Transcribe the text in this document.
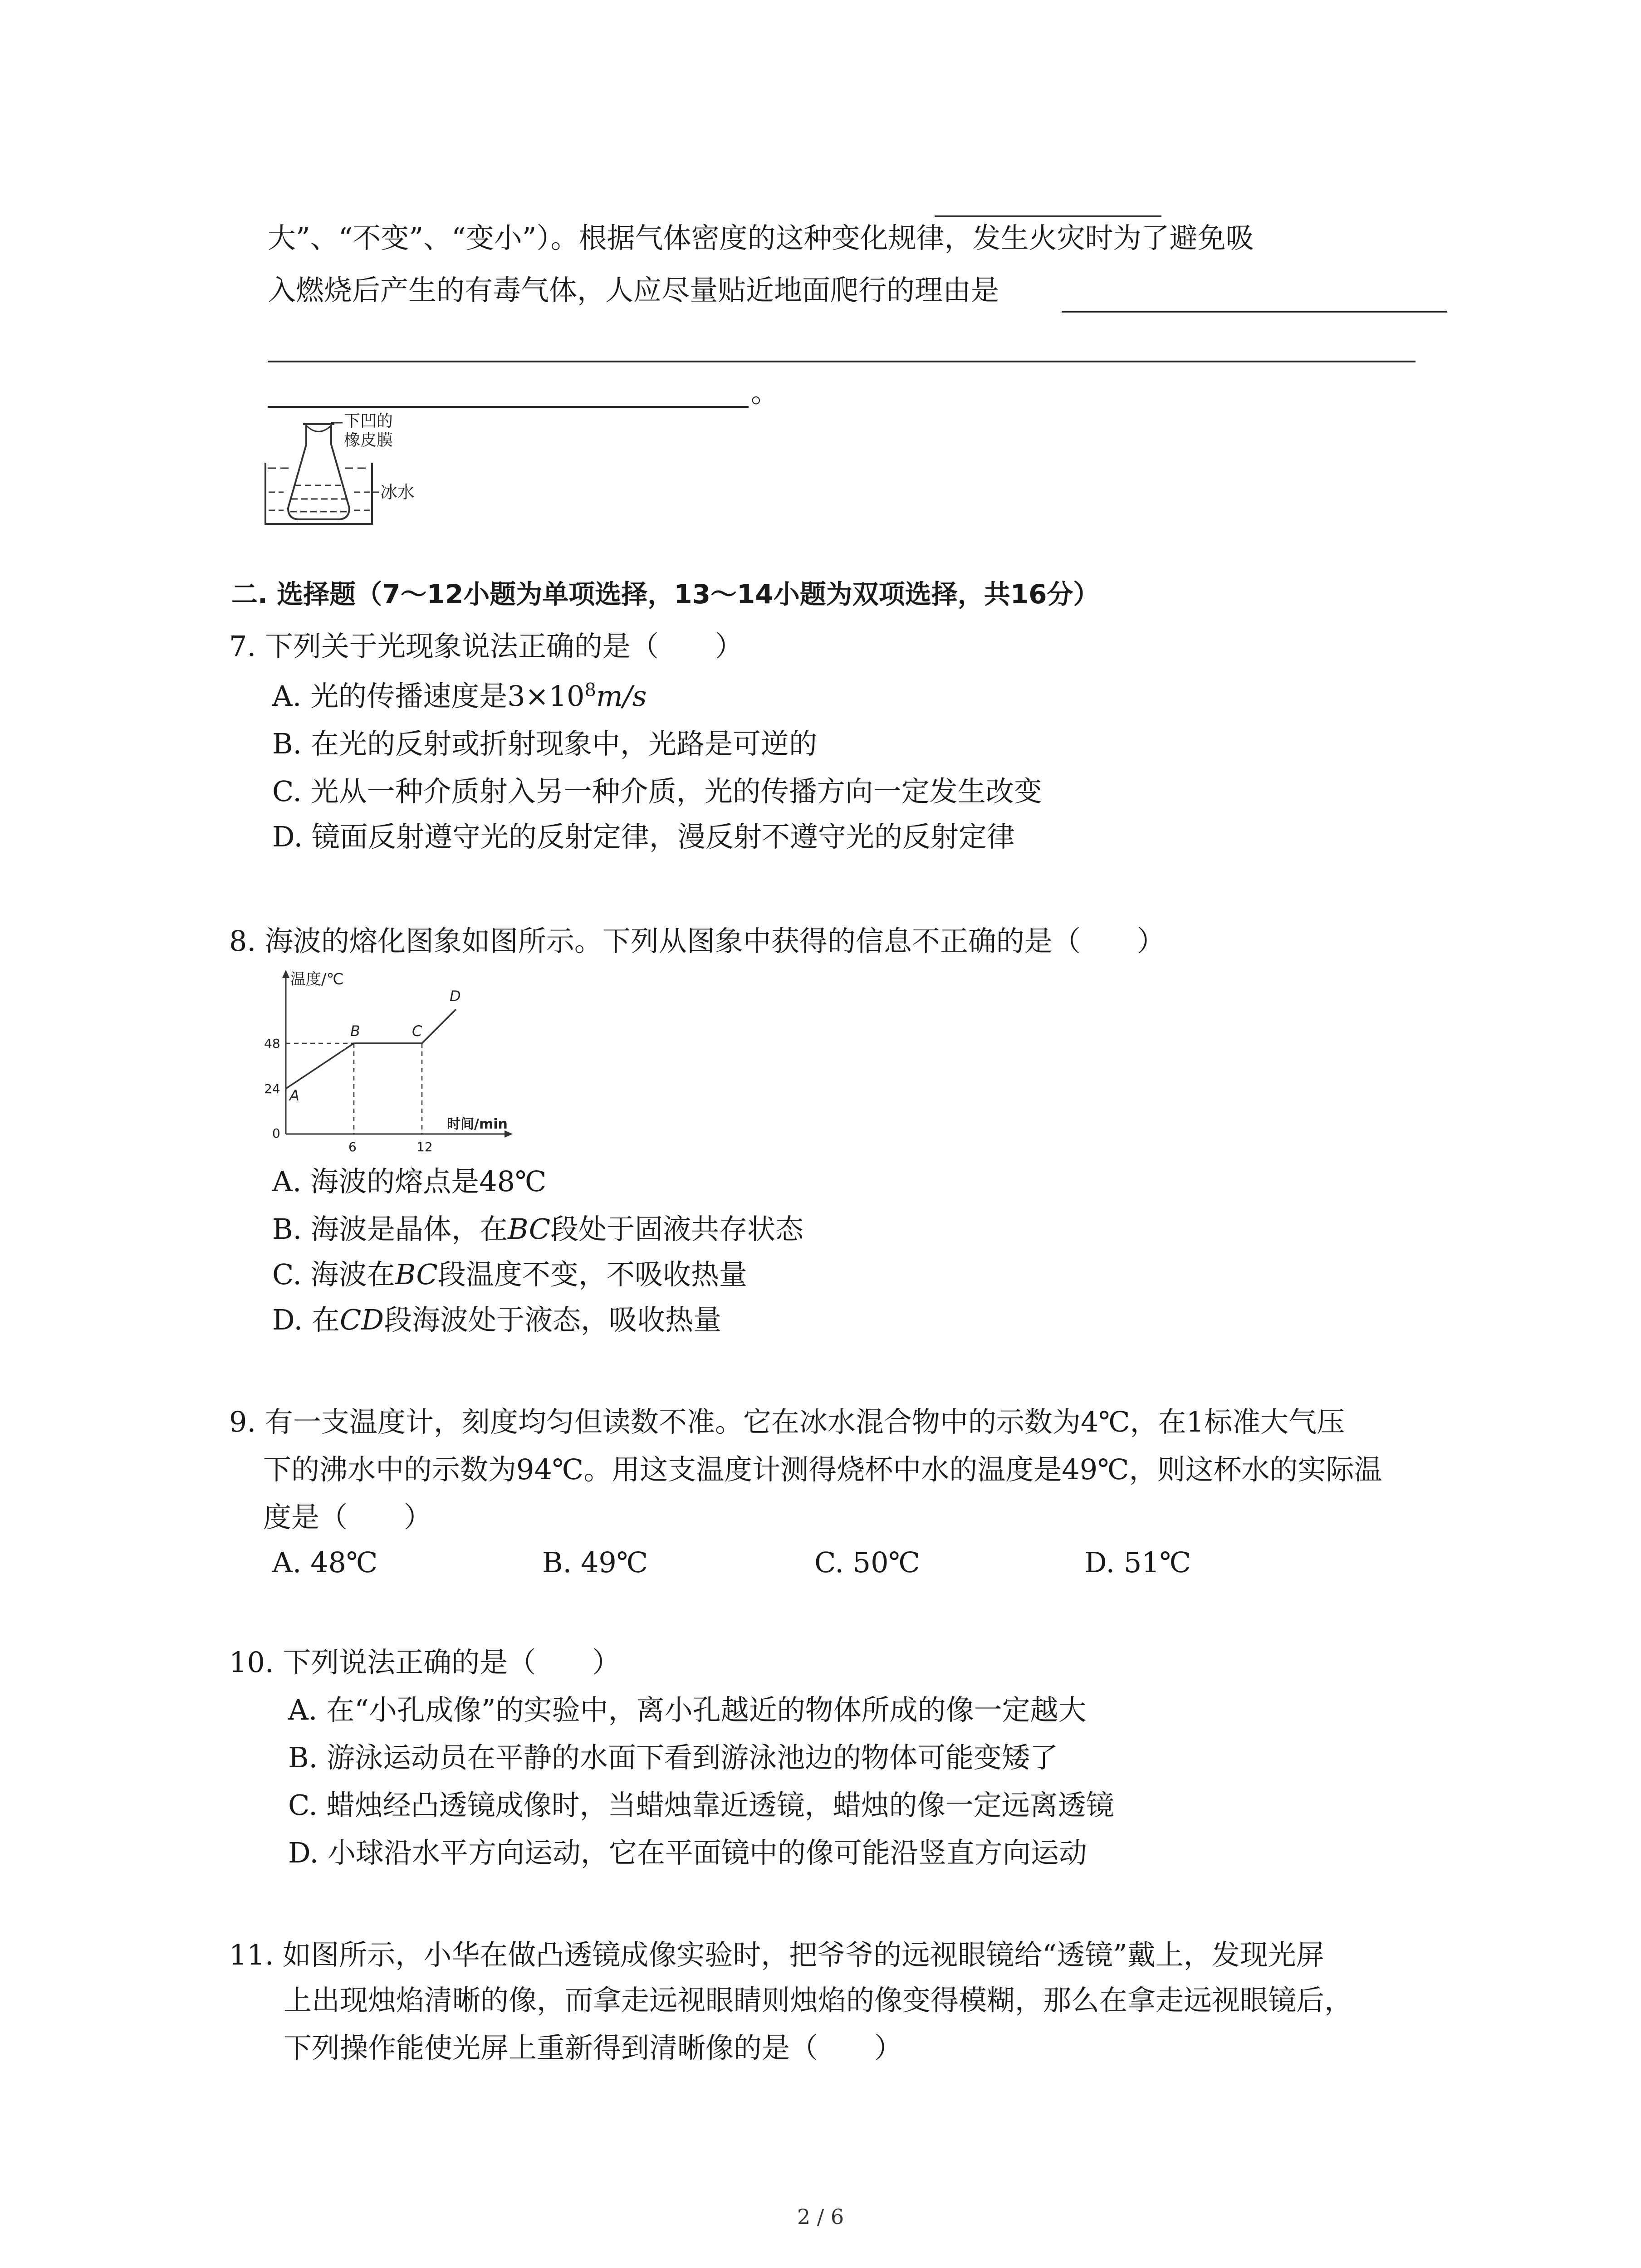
大”、“不变”、“变小”）。根据气体密度的这种变化规律，发生火灾时为了避免吸
入燃烧后产生的有毒气体，人应尽量贴近地面爬行的理由是
。
下凹的
橡皮膜
冰水
二. 选择题（7～12小题为单项选择，13～14小题为双项选择，共16分）
7. 下列关于光现象说法正确的是（　　）
A. 光的传播速度是$3\times 10^8m/s$
B. 在光的反射或折射现象中，光路是可逆的
C. 光从一种介质射入另一种介质，光的传播方向一定发生改变
D. 镜面反射遵守光的反射定律，漫反射不遵守光的反射定律
8. 海波的熔化图象如图所示。下列从图象中获得的信息不正确的是（　　）
温度/℃
时间/min
0
24
48
6	12
A
B	C
D
A. 海波的熔点是48℃
B. 海波是晶体，在BC段处于固液共存状态
C. 海波在BC段温度不变，不吸收热量
D. 在CD段海波处于液态，吸收热量
9. 有一支温度计，刻度均匀但读数不准。它在冰水混合物中的示数为4℃，在1标准大气压
下的沸水中的示数为94℃。用这支温度计测得烧杯中水的温度是49℃，则这杯水的实际温
度是（　　）
A. 48℃	B. 49℃	C. 50℃	D. 51℃
10. 下列说法正确的是（　　）
A. 在“小孔成像”的实验中，离小孔越近的物体所成的像一定越大
B. 游泳运动员在平静的水面下看到游泳池边的物体可能变矮了
C. 蜡烛经凸透镜成像时，当蜡烛靠近透镜，蜡烛的像一定远离透镜
D. 小球沿水平方向运动，它在平面镜中的像可能沿竖直方向运动
11. 如图所示，小华在做凸透镜成像实验时，把爷爷的远视眼镜给“透镜”戴上，发现光屏
上出现烛焰清晰的像，而拿走远视眼睛则烛焰的像变得模糊，那么在拿走远视眼镜后，
下列操作能使光屏上重新得到清晰像的是（　　）
2 / 6
